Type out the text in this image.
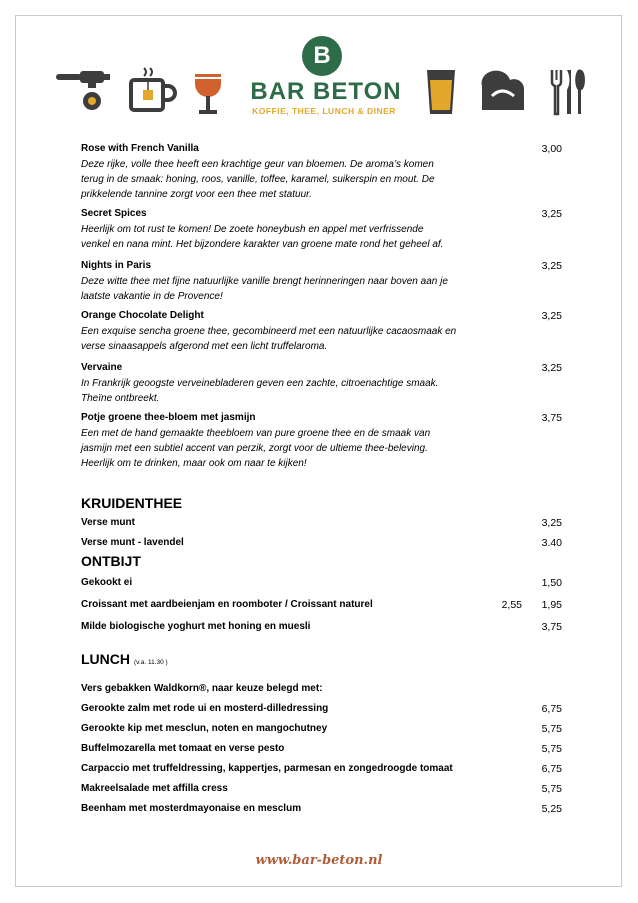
B
BAR BETON
KOFFIE, THEE, LUNCH & DINER
Rose with French Vanilla	3,00
Deze rijke, volle thee heeft een krachtige geur van bloemen. De aroma’s komen
terug in de smaak: honing, roos, vanille, toffee, karamel, suikerspin en mout. De
prikkelende tannine zorgt voor een thee met statuur.
Secret Spices	3,25
Heerlijk om tot rust te komen! De zoete honeybush en appel met verfrissende
venkel en nana mint. Het bijzondere karakter van groene mate rond het geheel af.
Nights in Paris	3,25
Deze witte thee met fijne natuurlijke vanille brengt herinneringen naar boven aan je
laatste vakantie in de Provence!
Orange Chocolate Delight	3,25
Een exquise sencha groene thee, gecombineerd met een natuurlijke cacaosmaak en
verse sinaasappels afgerond met een licht truffelaroma.
Vervaine	3,25
In Frankrijk geoogste verveinebladeren geven een zachte, citroenachtige smaak.
Theïne ontbreekt.
Potje groene thee-bloem met jasmijn	3,75
Een met de hand gemaakte theebloem van pure groene thee en de smaak van
jasmijn met een subtiel accent van perzik, zorgt voor de ultieme thee-beleving.
Heerlijk om te drinken, maar ook om naar te kijken!
KRUIDENTHEE
Verse munt	3,25
Verse munt - lavendel	3.40
ONTBIJT
Gekookt ei	1,50
Croissant met aardbeienjam en roomboter / Croissant naturel	2,55 1,95
Milde biologische yoghurt met honing en muesli	3,75
LUNCH (v.a. 11.30 )
Vers gebakken Waldkorn®, naar keuze belegd met:
Gerookte zalm met rode ui en mosterd-dilledressing	6,75
Gerookte kip met mesclun, noten en mangochutney	5,75
Buffelmozarella met tomaat en verse pesto	5,75
Carpaccio met truffeldressing, kappertjes, parmesan en zongedroogde tomaat	6,75
Makreelsalade met affilla cress	5,75
Beenham met mosterdmayonaise en mesclum	5,25
www.bar-beton.nl
